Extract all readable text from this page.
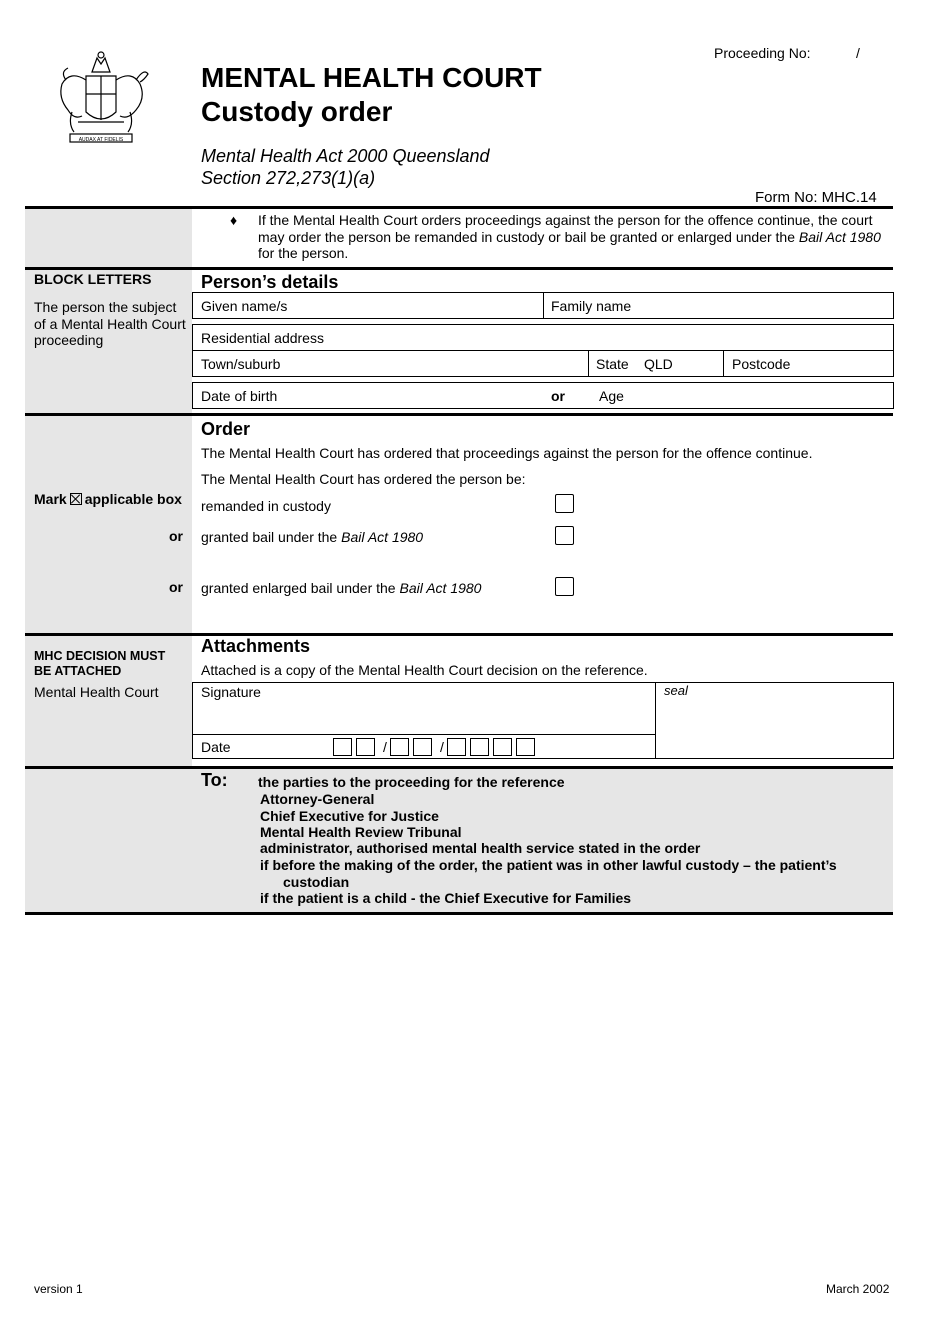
AUDAX AT FIDELIS
Proceeding No:	/
MENTAL HEALTH COURT
Custody order
Mental Health Act 2000 Queensland
Section 272,273(1)(a)
Form No: MHC.14
♦ If the Mental Health Court orders proceedings against the person for the offence continue, the court may order the person be remanded in custody or bail be granted or enlarged under the Bail Act 1980 for the person.
BLOCK LETTERS
The person the subject of a Mental Health Court proceeding
Person’s details
Given name/s	Family name
Residential address
Town/suburb	State QLD	Postcode
Date of birth	or Age
Order
The Mental Health Court has ordered that proceedings against the person for the offence continue.
The Mental Health Court has ordered the person be:
Mark applicable box remanded in custody
or granted bail under the Bail Act 1980
or granted enlarged bail under the Bail Act 1980
MHC DECISION MUST BE ATTACHED
Mental Health Court
Attachments
Attached is a copy of the Mental Health Court decision on the reference.
Signature	seal
Date	/	/
To: the parties to the proceeding for the reference
Attorney-General
Chief Executive for Justice
Mental Health Review Tribunal
administrator, authorised mental health service stated in the order
if before the making of the order, the patient was in other lawful custody – the patient’s
custodian
if the patient is a child - the Chief Executive for Families
version 1	March 2002
